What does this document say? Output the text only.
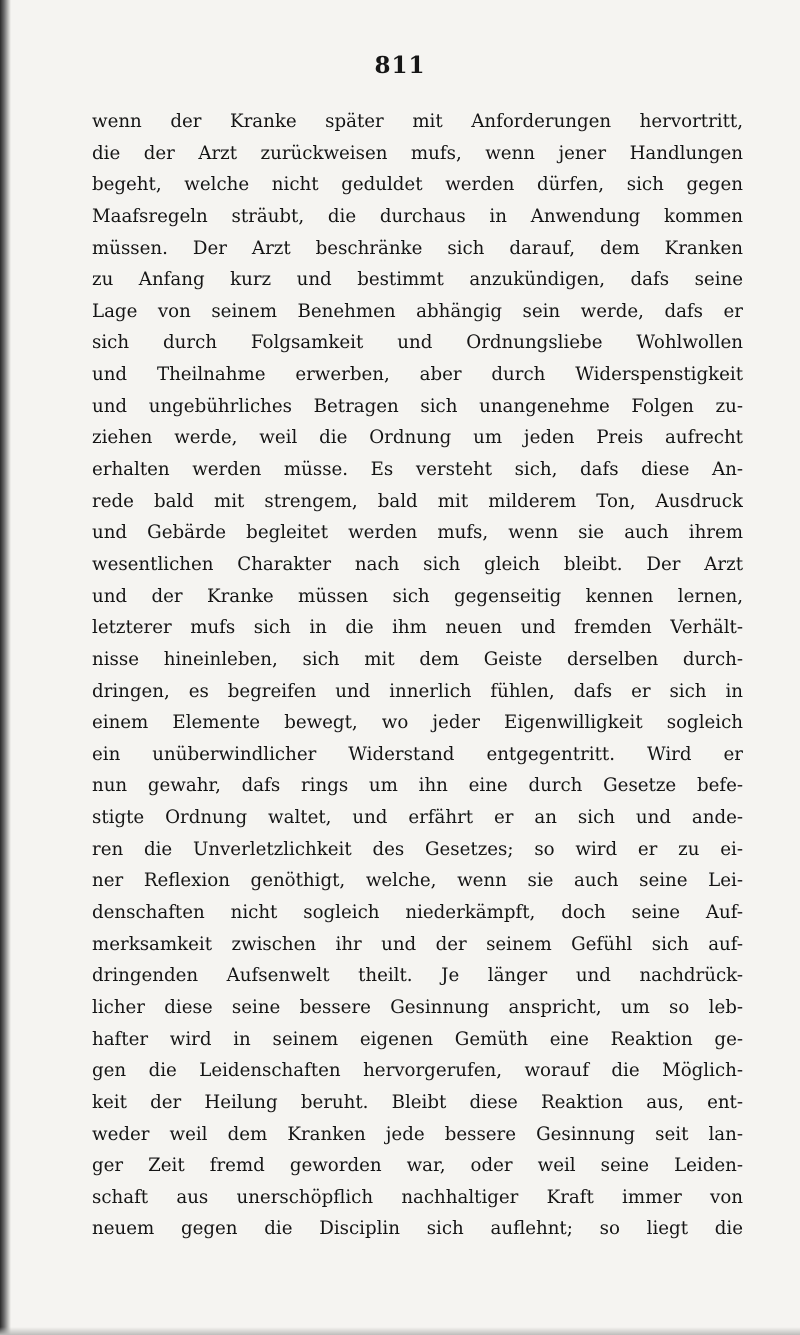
811
wenn der Kranke später mit Anforderungen hervortritt,
die der Arzt zurückweisen mufs, wenn jener Handlungen
begeht, welche nicht geduldet werden dürfen, sich gegen
Maafsregeln sträubt, die durchaus in Anwendung kommen
müssen. Der Arzt beschränke sich darauf, dem Kranken
zu Anfang kurz und bestimmt anzukündigen, dafs seine
Lage von seinem Benehmen abhängig sein werde, dafs er
sich durch Folgsamkeit und Ordnungsliebe Wohlwollen
und Theilnahme erwerben, aber durch Widerspenstigkeit
und ungebührliches Betragen sich unangenehme Folgen zu-
ziehen werde, weil die Ordnung um jeden Preis aufrecht
erhalten werden müsse. Es versteht sich, dafs diese An-
rede bald mit strengem, bald mit milderem Ton, Ausdruck
und Gebärde begleitet werden mufs, wenn sie auch ihrem
wesentlichen Charakter nach sich gleich bleibt. Der Arzt
und der Kranke müssen sich gegenseitig kennen lernen,
letzterer mufs sich in die ihm neuen und fremden Verhält-
nisse hineinleben, sich mit dem Geiste derselben durch-
dringen, es begreifen und innerlich fühlen, dafs er sich in
einem Elemente bewegt, wo jeder Eigenwilligkeit sogleich
ein unüberwindlicher Widerstand entgegentritt. Wird er
nun gewahr, dafs rings um ihn eine durch Gesetze befe-
stigte Ordnung waltet, und erfährt er an sich und ande-
ren die Unverletzlichkeit des Gesetzes; so wird er zu ei-
ner Reflexion genöthigt, welche, wenn sie auch seine Lei-
denschaften nicht sogleich niederkämpft, doch seine Auf-
merksamkeit zwischen ihr und der seinem Gefühl sich auf-
dringenden Aufsenwelt theilt. Je länger und nachdrück-
licher diese seine bessere Gesinnung anspricht, um so leb-
hafter wird in seinem eigenen Gemüth eine Reaktion ge-
gen die Leidenschaften hervorgerufen, worauf die Möglich-
keit der Heilung beruht. Bleibt diese Reaktion aus, ent-
weder weil dem Kranken jede bessere Gesinnung seit lan-
ger Zeit fremd geworden war, oder weil seine Leiden-
schaft aus unerschöpflich nachhaltiger Kraft immer von
neuem gegen die Disciplin sich auflehnt; so liegt die
